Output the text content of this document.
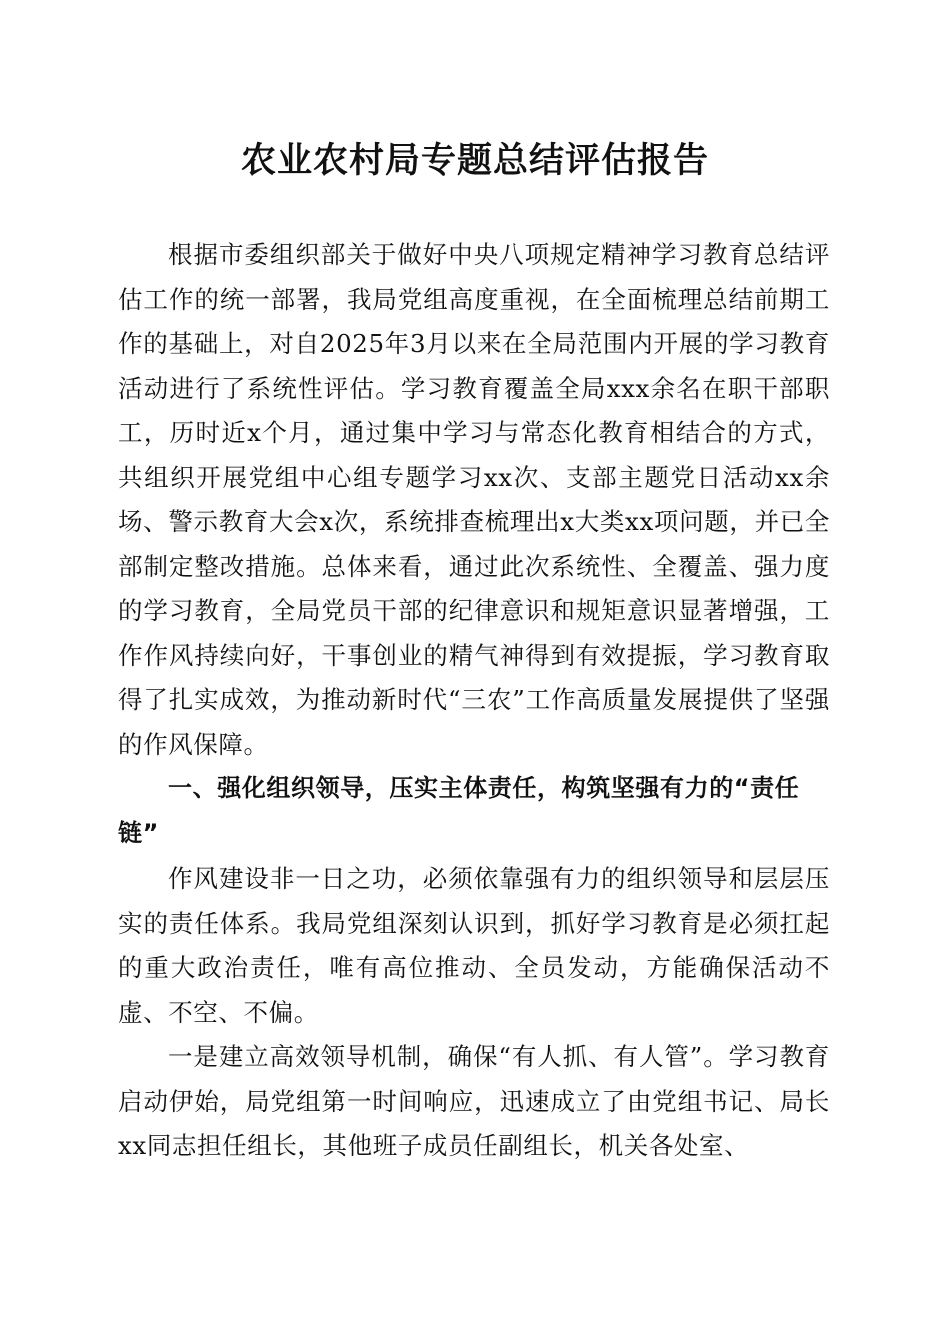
农业农村局专题总结评估报告

根据市委组织部关于做好中央八项规定精神学习教育总结评估工作的统一部署，我局党组高度重视，在全面梳理总结前期工作的基础上，对自2025年3月以来在全局范围内开展的学习教育活动进行了系统性评估。学习教育覆盖全局xxx余名在职干部职工，历时近x个月，通过集中学习与常态化教育相结合的方式，共组织开展党组中心组专题学习xx次、支部主题党日活动xx余场、警示教育大会x次，系统排查梳理出x大类xx项问题，并已全部制定整改措施。总体来看，通过此次系统性、全覆盖、强力度的学习教育，全局党员干部的纪律意识和规矩意识显著增强，工作作风持续向好，干事创业的精气神得到有效提振，学习教育取得了扎实成效，为推动新时代“三农”工作高质量发展提供了坚强的作风保障。

一、强化组织领导，压实主体责任，构筑坚强有力的“责任链”

作风建设非一日之功，必须依靠强有力的组织领导和层层压实的责任体系。我局党组深刻认识到，抓好学习教育是必须扛起的重大政治责任，唯有高位推动、全员发动，方能确保活动不虚、不空、不偏。

一是建立高效领导机制，确保“有人抓、有人管”。学习教育启动伊始，局党组第一时间响应，迅速成立了由党组书记、局长xx同志担任组长，其他班子成员任副组长，机关各处室、
